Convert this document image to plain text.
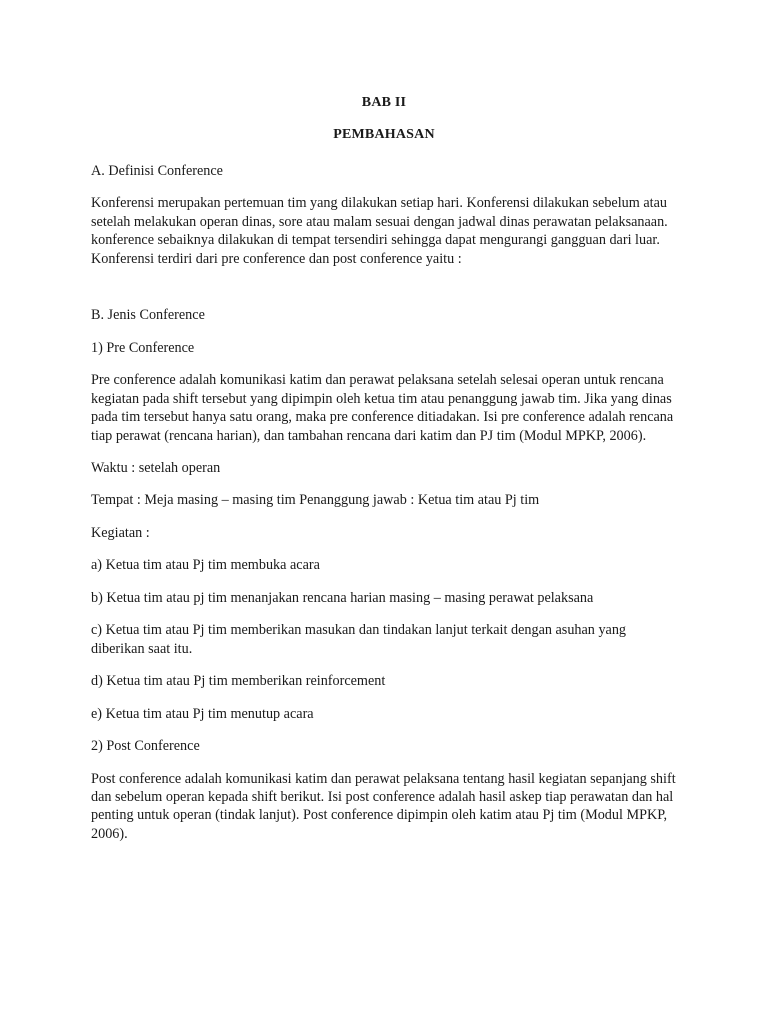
BAB II
PEMBAHASAN

A. Definisi Conference

Konferensi merupakan pertemuan tim yang dilakukan setiap hari. Konferensi dilakukan sebelum atau setelah melakukan operan dinas, sore atau malam sesuai dengan jadwal dinas perawatan pelaksanaan. konference sebaiknya dilakukan di tempat tersendiri sehingga dapat mengurangi gangguan dari luar. Konferensi terdiri dari pre conference dan post conference yaitu :

B. Jenis Conference

1) Pre Conference

Pre conference adalah komunikasi katim dan perawat pelaksana setelah selesai operan untuk rencana kegiatan pada shift tersebut yang dipimpin oleh ketua tim atau penanggung jawab tim. Jika yang dinas pada tim tersebut hanya satu orang, maka pre conference ditiadakan. Isi pre conference adalah rencana tiap perawat (rencana harian), dan tambahan rencana dari katim dan PJ tim (Modul MPKP, 2006).

Waktu : setelah operan

Tempat : Meja masing – masing tim Penanggung jawab : Ketua tim atau Pj tim

Kegiatan :

a) Ketua tim atau Pj tim membuka acara

b) Ketua tim atau pj tim menanjakan rencana harian masing – masing perawat pelaksana

c) Ketua tim atau Pj tim memberikan masukan dan tindakan lanjut terkait dengan asuhan yang diberikan saat itu.

d) Ketua tim atau Pj tim memberikan reinforcement

e) Ketua tim atau Pj tim menutup acara

2) Post Conference

Post conference adalah komunikasi katim dan perawat pelaksana tentang hasil kegiatan sepanjang shift dan sebelum operan kepada shift berikut. Isi post conference adalah hasil askep tiap perawatan dan hal penting untuk operan (tindak lanjut). Post conference dipimpin oleh katim atau Pj tim (Modul MPKP, 2006).
